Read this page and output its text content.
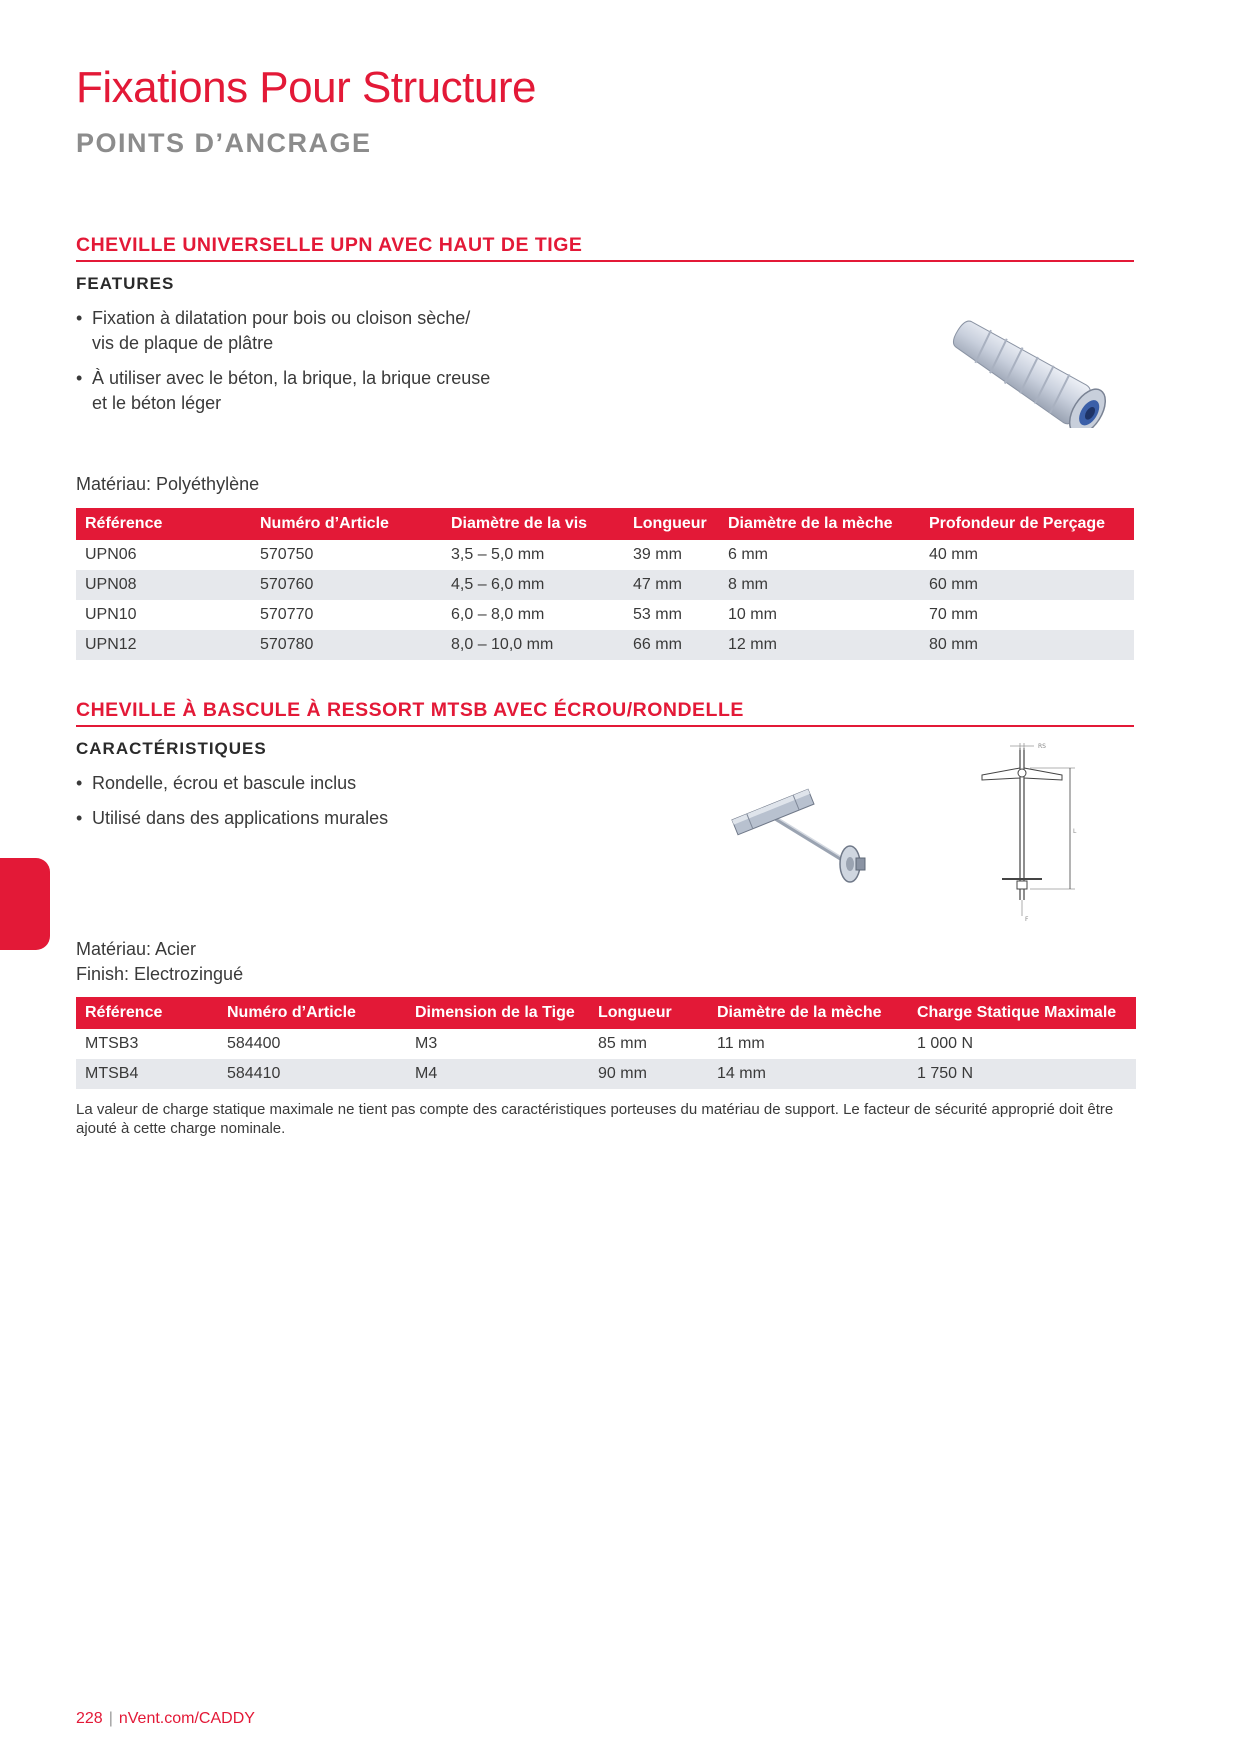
Fixations Pour Structure
POINTS D’ANCRAGE
CHEVILLE UNIVERSELLE UPN AVEC HAUT DE TIGE
FEATURES
• Fixation à dilatation pour bois ou cloison sèche/ vis de plaque de plâtre
• À utiliser avec le béton, la brique, la brique creuse et le béton léger
Matériau: Polyéthylène
Référence	Numéro d’Article	Diamètre de la vis	Longueur	Diamètre de la mèche	Profondeur de Perçage
UPN06	570750	3,5 – 5,0 mm	39 mm	6 mm	40 mm
UPN08	570760	4,5 – 6,0 mm	47 mm	8 mm	60 mm
UPN10	570770	6,0 – 8,0 mm	53 mm	10 mm	70 mm
UPN12	570780	8,0 – 10,0 mm	66 mm	12 mm	80 mm
CHEVILLE À BASCULE À RESSORT MTSB AVEC ÉCROU/RONDELLE
CARACTÉRISTIQUES
• Rondelle, écrou et bascule inclus
• Utilisé dans des applications murales
RS
L
F
Matériau: Acier
Finish: Electrozingué
Référence	Numéro d’Article	Dimension de la Tige	Longueur	Diamètre de la mèche	Charge Statique Maximale
MTSB3	584400	M3	85 mm	11 mm	1 000 N
MTSB4	584410	M4	90 mm	14 mm	1 750 N
La valeur de charge statique maximale ne tient pas compte des caractéristiques porteuses du matériau de support. Le facteur de sécurité approprié doit être ajouté à cette charge nominale.
228 | nVent.com/CADDY
